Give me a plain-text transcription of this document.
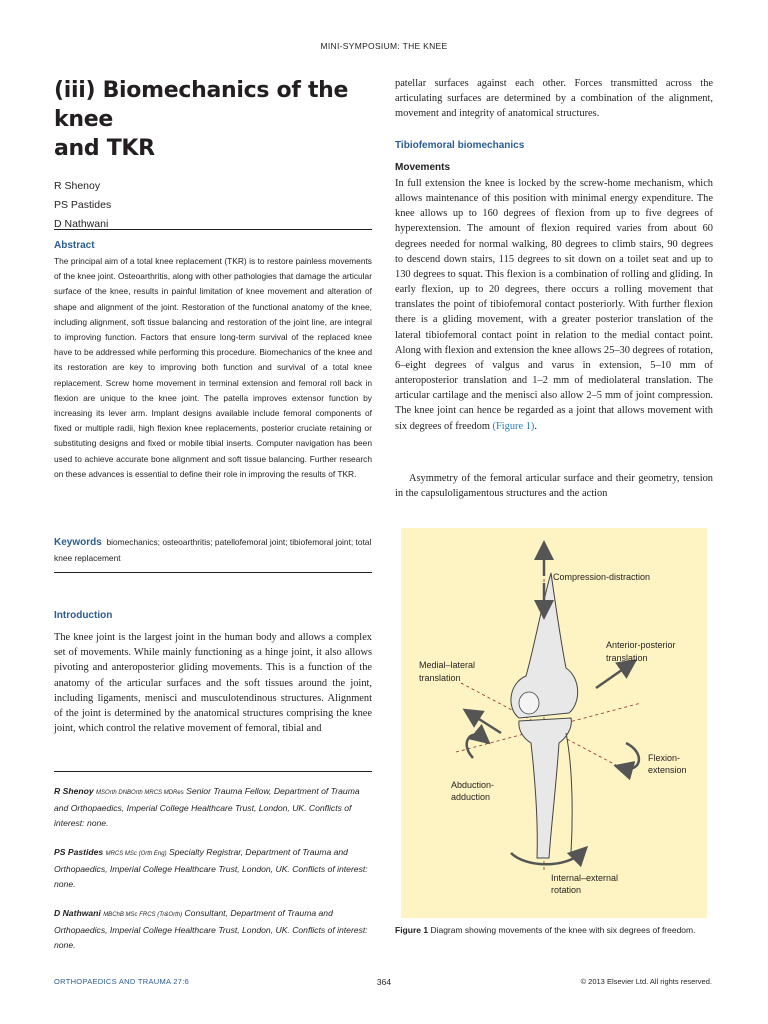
MINI-SYMPOSIUM: THE KNEE
(iii) Biomechanics of the knee
and TKR
R Shenoy
PS Pastides
D Nathwani
Abstract

The principal aim of a total knee replacement (TKR) is to restore painless movements of the knee joint. Osteoarthritis, along with other pathologies that damage the articular surface of the knee, results in painful limitation of knee movement and alteration of shape and alignment of the joint. Restoration of the functional anatomy of the knee, including alignment, soft tissue balancing and restoration of the joint line, are integral to improving function. Factors that ensure long-term survival of the replaced knee have to be addressed while performing this procedure. Biomechanics of the knee and its restoration are key to improving both function and survival of a total knee replacement. Screw home movement in terminal extension and femoral roll back in flexion are unique to the knee joint. The patella improves extensor function by increasing its lever arm. Implant designs available include femoral components of fixed or multiple radii, high flexion knee replacements, posterior cruciate retaining or substituting designs and fixed or mobile tibial inserts. Computer navigation has been used to achieve accurate bone alignment and soft tissue balancing. Further research on these advances is essential to define their role in improving the results of TKR.

Keywords biomechanics; osteoarthritis; patellofemoral joint; tibiofemoral joint; total knee replacement
Introduction

The knee joint is the largest joint in the human body and allows a complex set of movements. While mainly functioning as a hinge joint, it also allows pivoting and anteroposterior gliding movements. This is a function of the anatomy of the articular surfaces and the soft tissues around the joint, including ligaments, menisci and musculotendinous structures. Alignment of the joint is determined by the anatomical structures comprising the knee joint, which control the relative movement of femoral, tibial and

R Shenoy MSOrth DNBOrth MRCS MDRes Senior Trauma Fellow, Department of Trauma and Orthopaedics, Imperial College Healthcare Trust, London, UK. Conflicts of interest: none.
PS Pastides MRCS MSc (Orth Eng) Specialty Registrar, Department of Trauma and Orthopaedics, Imperial College Healthcare Trust, London, UK. Conflicts of interest: none.
D Nathwani MBChB MSc FRCS (Tr&Orth) Consultant, Department of Trauma and Orthopaedics, Imperial College Healthcare Trust, London, UK. Conflicts of interest: none.

patellar surfaces against each other. Forces transmitted across the articulating surfaces are determined by a combination of the alignment, movement and integrity of anatomical structures.

Tibiofemoral biomechanics
Movements

In full extension the knee is locked by the screw-home mechanism, which allows maintenance of this position with minimal energy expenditure. The knee allows up to 160 degrees of flexion from up to five degrees of hyperextension. The amount of flexion required varies from about 60 degrees needed for normal walking, 80 degrees to climb stairs, 90 degrees to descend down stairs, 115 degrees to sit down on a toilet seat and up to 130 degrees to squat. This flexion is a combination of rolling and gliding. In early flexion, up to 20 degrees, there occurs a rolling movement that translates the point of tibiofemoral contact posteriorly. With further flexion there is a gliding movement, with a greater posterior translation of the lateral tibiofemoral contact point in relation to the medial contact point. Along with flexion and extension the knee allows 25–30 degrees of rotation, 6–eight degrees of valgus and varus in extension, 5–10 mm of anteroposterior translation and 1–2 mm of mediolateral translation. The articular cartilage and the menisci also allow 2–5 mm of joint compression. The knee joint can hence be regarded as a joint that allows movement with six degrees of freedom (Figure 1).

Asymmetry of the femoral articular surface and their geometry, tension in the capsuloligamentous structures and the action

Compression-distraction
Anterior-posterior
translation
Medial–lateral
translation
Flexion-
extension
Abduction-
adduction
Internal–external
rotation
Figure 1 Diagram showing movements of the knee with six degrees of freedom.
ORTHOPAEDICS AND TRAUMA 27:6	364	© 2013 Elsevier Ltd. All rights reserved.
